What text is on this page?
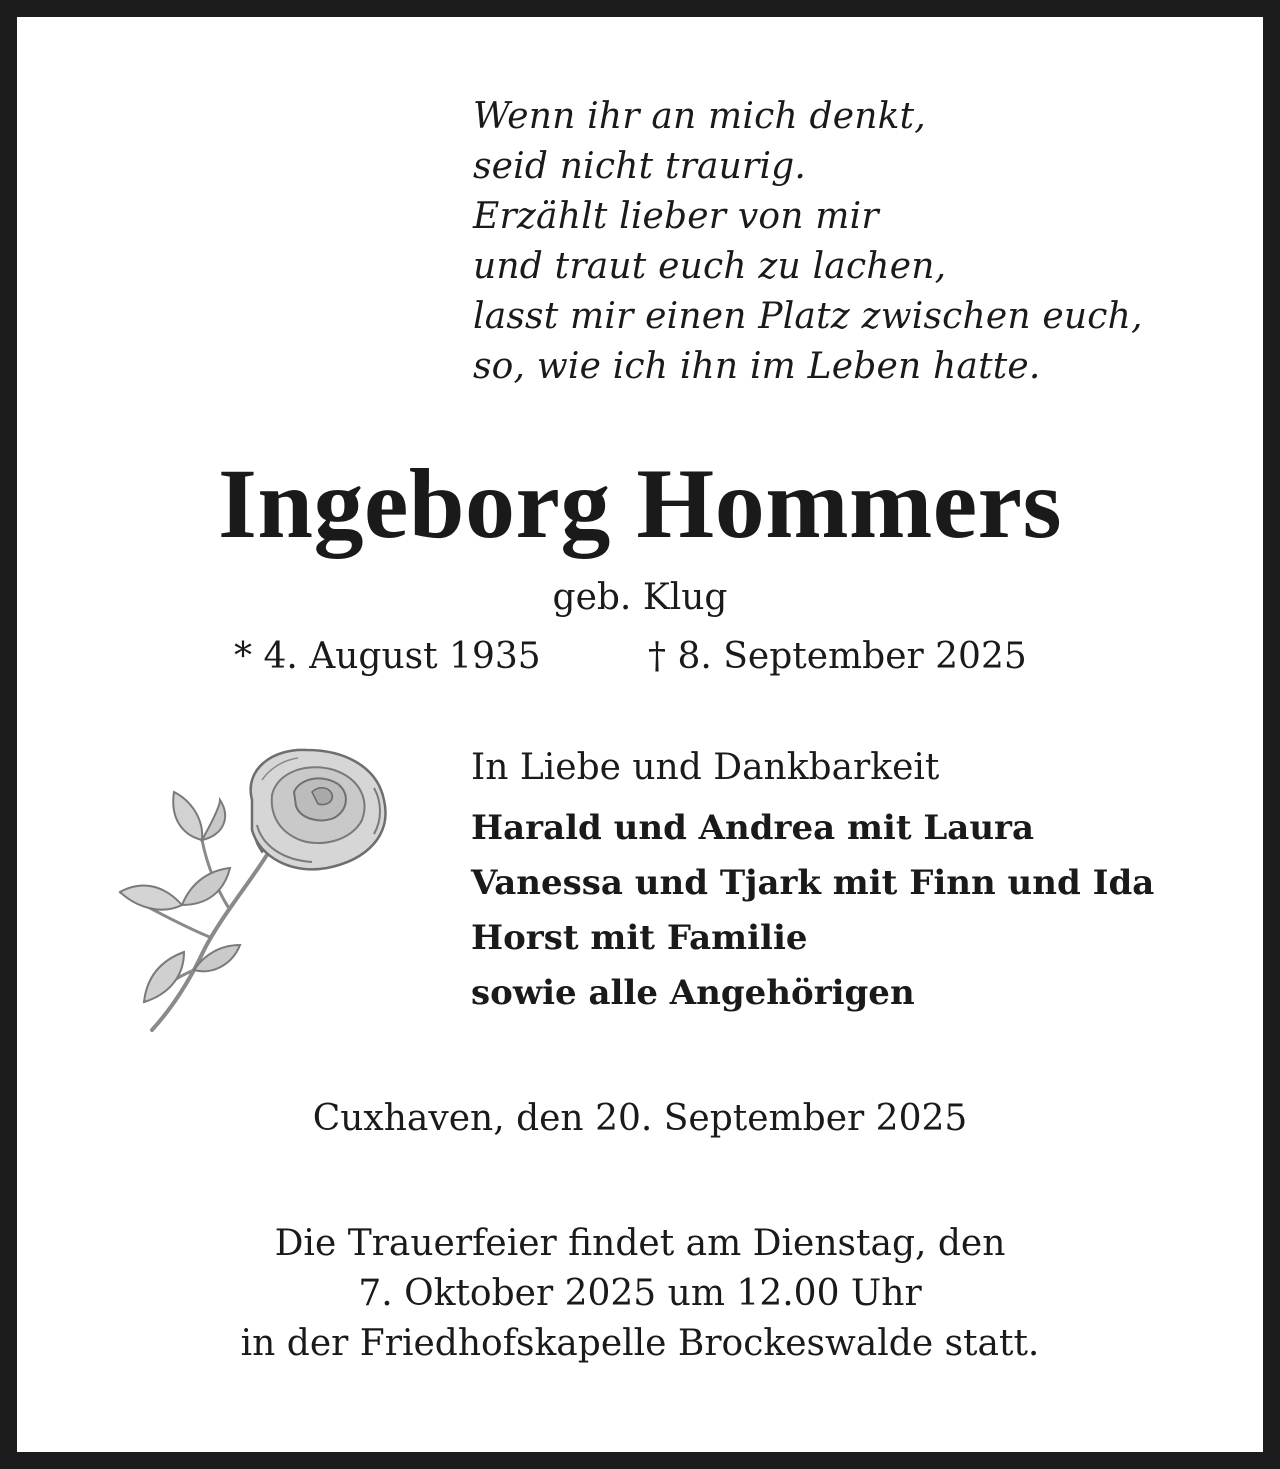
Wenn ihr an mich denkt,
seid nicht traurig.
Erzählt lieber von mir
und traut euch zu lachen,
lasst mir einen Platz zwischen euch,
so, wie ich ihn im Leben hatte.
Ingeborg Hommers
geb. Klug
* 4. August 1935	† 8. September 2025
In Liebe und Dankbarkeit
Harald und Andrea mit Laura
Vanessa und Tjark mit Finn und Ida
Horst mit Familie
sowie alle Angehörigen
Cuxhaven, den 20. September 2025
Die Trauerfeier findet am Dienstag, den
7. Oktober 2025 um 12.00 Uhr
in der Friedhofskapelle Brockeswalde statt.
